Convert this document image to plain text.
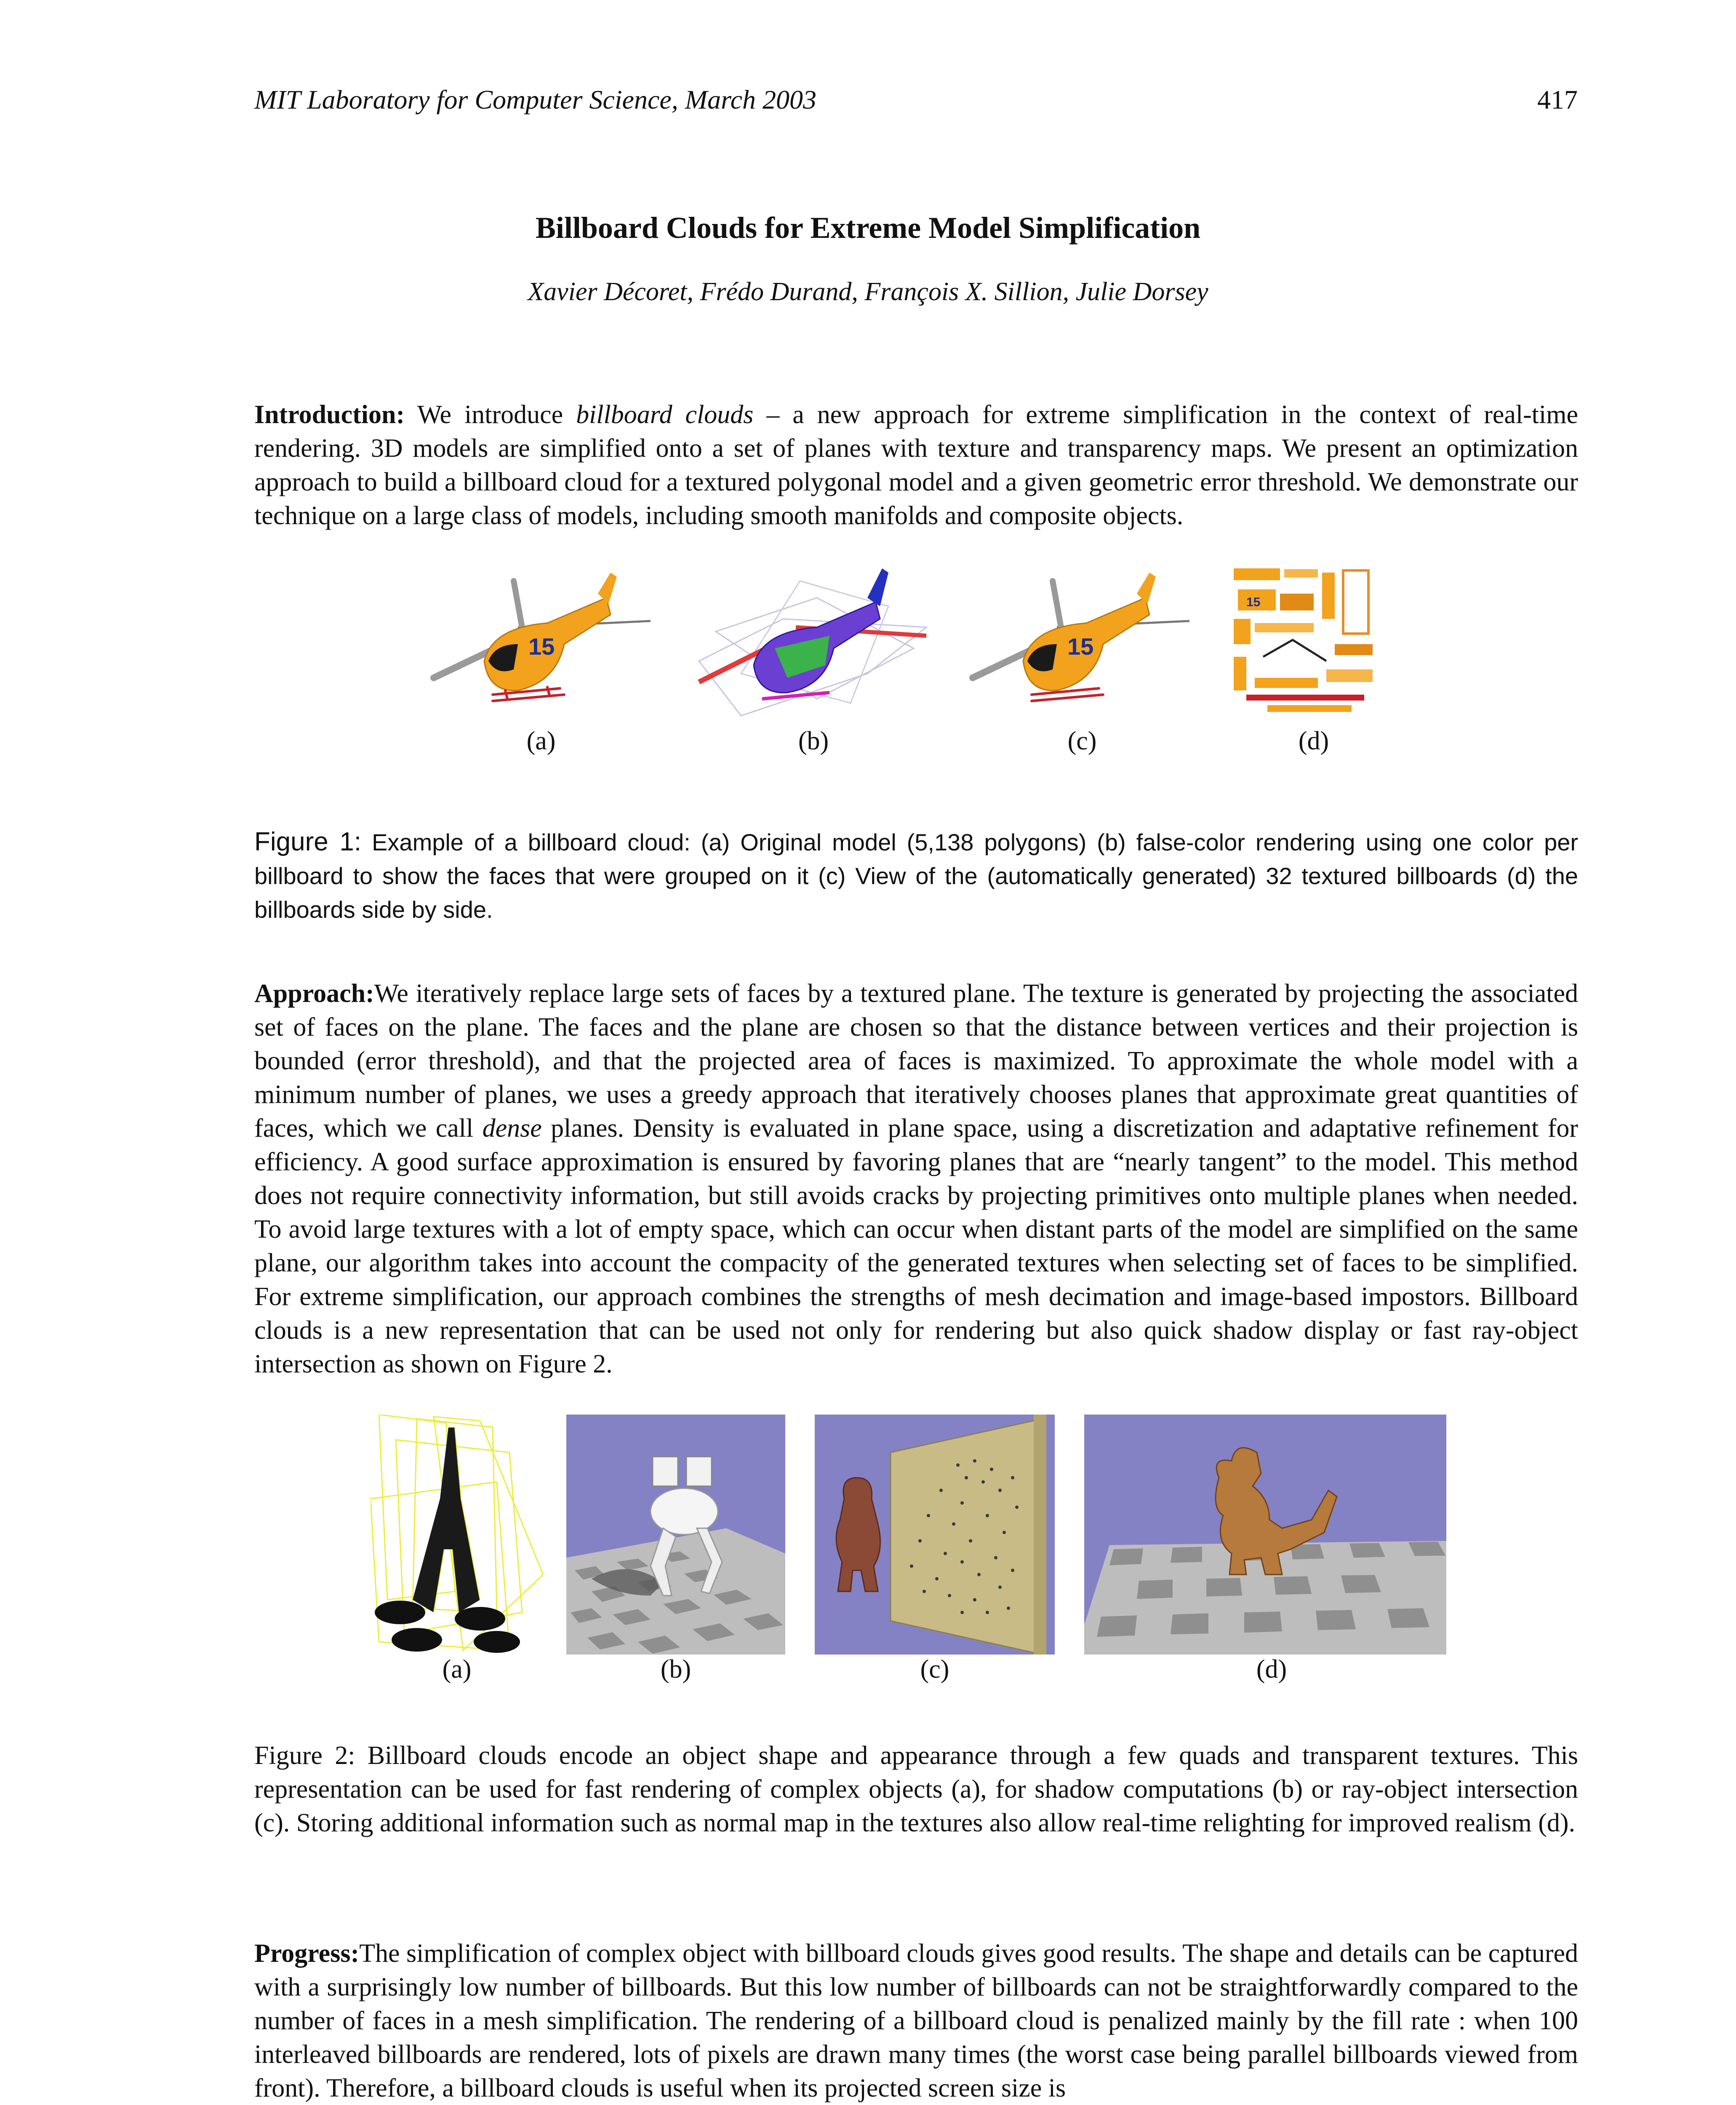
MIT Laboratory for Computer Science, March 2003	417
Billboard Clouds for Extreme Model Simplification
Xavier Décoret, Frédo Durand, François X. Sillion, Julie Dorsey
Introduction: We introduce billboard clouds – a new approach for extreme simplification in the context of real-time rendering. 3D models are simplified onto a set of planes with texture and transparency maps. We present an optimization approach to build a billboard cloud for a textured polygonal model and a given geometric error threshold. We demonstrate our technique on a large class of models, including smooth manifolds and composite objects.
15	15
15
(a)	(b)	(c)	(d)
Figure 1: Example of a billboard cloud: (a) Original model (5,138 polygons) (b) false-color rendering using one color per billboard to show the faces that were grouped on it (c) View of the (automatically generated) 32 textured billboards (d) the billboards side by side.
Approach:We iteratively replace large sets of faces by a textured plane. The texture is generated by projecting the associated set of faces on the plane. The faces and the plane are chosen so that the distance between vertices and their projection is bounded (error threshold), and that the projected area of faces is maximized. To approximate the whole model with a minimum number of planes, we uses a greedy approach that iteratively chooses planes that approximate great quantities of faces, which we call dense planes. Density is evaluated in plane space, using a discretization and adaptative refinement for efficiency. A good surface approximation is ensured by favoring planes that are “nearly tangent” to the model. This method does not require connectivity information, but still avoids cracks by projecting primitives onto multiple planes when needed. To avoid large textures with a lot of empty space, which can occur when distant parts of the model are simplified on the same plane, our algorithm takes into account the compacity of the generated textures when selecting set of faces to be simplified. For extreme simplification, our approach combines the strengths of mesh decimation and image-based impostors. Billboard clouds is a new representation that can be used not only for rendering but also quick shadow display or fast ray-object intersection as shown on Figure 2.
(a)	(b)	(c)	(d)
Figure 2: Billboard clouds encode an object shape and appearance through a few quads and transparent textures. This representation can be used for fast rendering of complex objects (a), for shadow computations (b) or ray-object intersection (c). Storing additional information such as normal map in the textures also allow real-time relighting for improved realism (d).
Progress:The simplification of complex object with billboard clouds gives good results. The shape and details can be captured with a surprisingly low number of billboards. But this low number of billboards can not be straightforwardly compared to the number of faces in a mesh simplification. The rendering of a billboard cloud is penalized mainly by the fill rate : when 100 interleaved billboards are rendered, lots of pixels are drawn many times (the worst case being parallel billboards viewed from front). Therefore, a billboard clouds is useful when its projected screen size is
